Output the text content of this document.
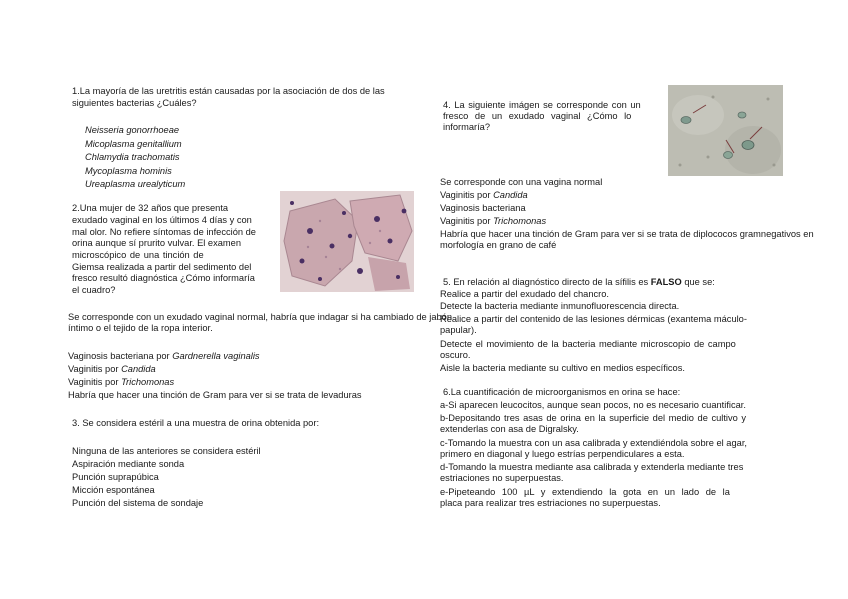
1.La mayoría de las uretritis están causadas por la asociación de dos de las
siguientes bacterias ¿Cuáles?
Neisseria gonorrhoeae
Micoplasma genitallium
Chlamydia trachomatis
Mycoplasma hominis
Ureaplasma urealyticum
2.Una mujer de 32 años que presenta
exudado vaginal en los últimos 4 días y con
mal olor. No refiere síntomas de infección de
orina aunque sí prurito vulvar. El examen
microscópico de una tinción de
Giemsa realizada a partir del sedimento del
fresco resultó diagnóstica ¿Cómo informaría
el cuadro?
Se corresponde con un exudado vaginal normal, habría que indagar si ha cambiado de jabón
íntimo o el tejido de la ropa interior.
Vaginosis bacteriana por Gardnerella vaginalis
Vaginitis por Candida
Vaginitis por Trichomonas
Habría que hacer una tinción de Gram para ver si se trata de levaduras
3. Se considera estéril a una muestra de orina obtenida por:
Ninguna de las anteriores se considera estéril
Aspiración mediante sonda
Punción suprapúbica
Micción espontánea
Punción del sistema de sondaje
4. La siguiente imágen se corresponde con un
fresco de un exudado vaginal ¿Cómo lo
informaría?
Se corresponde con una vagina normal
Vaginitis por Candida
Vaginosis bacteriana
Vaginitis por Trichomonas
Habría que hacer una tinción de Gram para ver si se trata de diplococos gramnegativos en
morfología en grano de café
5. En relación al diagnóstico directo de la sífilis es FALSO que se:
Realice a partir del exudado del chancro.
Detecte la bacteria mediante inmunofluorescencia directa.
Realice a partir del contenido de las lesiones dérmicas (exantema máculo-
papular).
Detecte el movimiento de la bacteria mediante microscopio de campo
oscuro.
Aisle la bacteria mediante su cultivo en medios específicos.
6.La cuantificación de microorganismos en orina se hace:
a-Si aparecen leucocitos, aunque sean pocos, no es necesario cuantificar.
b-Depositando tres asas de orina en la superficie del medio de cultivo y
extenderlas con asa de Digralsky.
c-Tomando la muestra con un asa calibrada y extendiéndola sobre el agar,
primero en diagonal y luego estrías perpendiculares a esta.
d-Tomando la muestra mediante asa calibrada y extenderla mediante tres
estriaciones no superpuestas.
e-Pipeteando 100 µL y extendiendo la gota en un lado de la
placa para realizar tres estriaciones no superpuestas.
